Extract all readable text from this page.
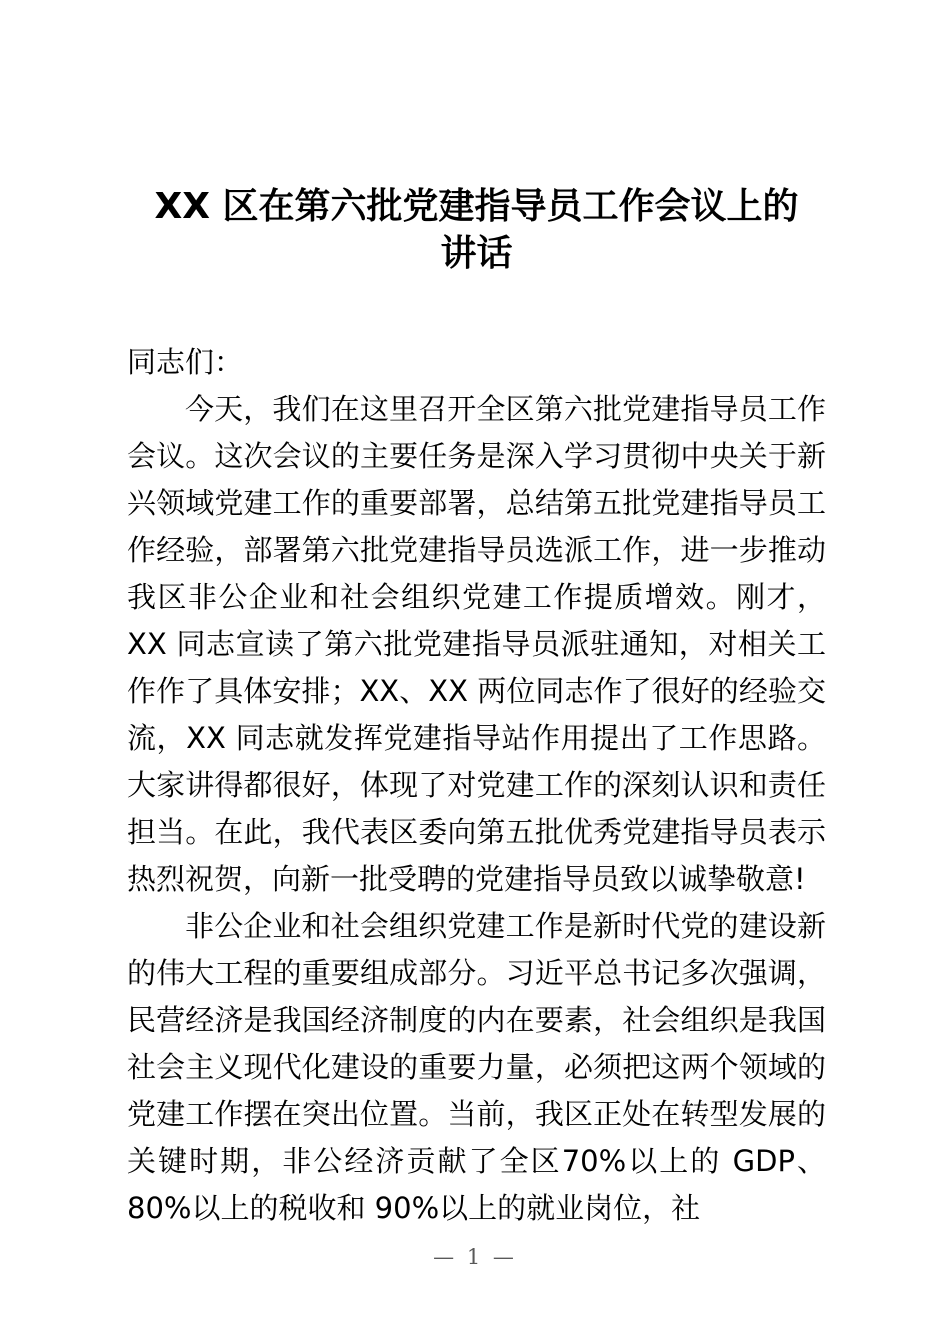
XX 区在第六批党建指导员工作会议上的
讲话

同志们：

今天，我们在这里召开全区第六批党建指导员工作会议。这次会议的主要任务是深入学习贯彻中央关于新兴领域党建工作的重要部署，总结第五批党建指导员工作经验，部署第六批党建指导员选派工作，进一步推动我区非公企业和社会组织党建工作提质增效。刚才，XX 同志宣读了第六批党建指导员派驻通知，对相关工作作了具体安排；XX、XX 两位同志作了很好的经验交流，XX 同志就发挥党建指导站作用提出了工作思路。大家讲得都很好，体现了对党建工作的深刻认识和责任担当。在此，我代表区委向第五批优秀党建指导员表示热烈祝贺，向新一批受聘的党建指导员致以诚挚敬意!

非公企业和社会组织党建工作是新时代党的建设新的伟大工程的重要组成部分。习近平总书记多次强调，民营经济是我国经济制度的内在要素，社会组织是我国社会主义现代化建设的重要力量，必须把这两个领域的党建工作摆在突出位置。当前，我区正处在转型发展的关键时期，非公经济贡献了全区70%以上的 GDP、80%以上的税收和 90%以上的就业岗位，社

— 1 —
